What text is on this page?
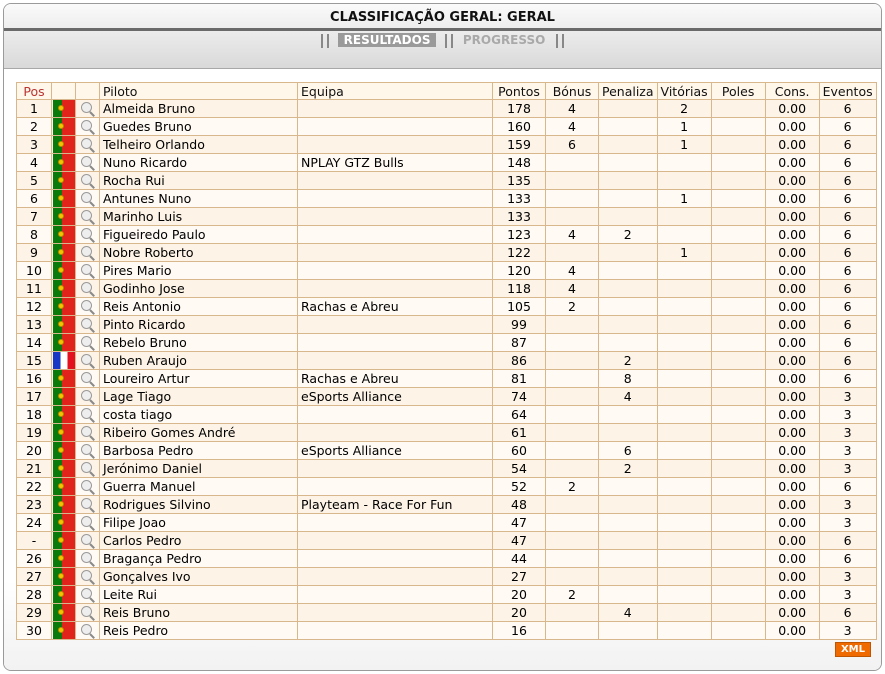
CLASSIFICAÇÃO GERAL: GERAL
RESULTADOS	PROGRESSO
Pos			Piloto	Equipa	Pontos	Bónus	Penaliza	Vitórias	Poles	Cons.	Eventos
1			Almeida Bruno		178	4		2		0.00	6
2			Guedes Bruno		160	4		1		0.00	6
3			Telheiro Orlando		159	6		1		0.00	6
4			Nuno Ricardo	NPLAY GTZ Bulls	148					0.00	6
5			Rocha Rui		135					0.00	6
6			Antunes Nuno		133			1		0.00	6
7			Marinho Luis		133					0.00	6
8			Figueiredo Paulo		123	4	2			0.00	6
9			Nobre Roberto		122			1		0.00	6
10			Pires Mario		120	4				0.00	6
11			Godinho Jose		118	4				0.00	6
12			Reis Antonio	Rachas e Abreu	105	2				0.00	6
13			Pinto Ricardo		99					0.00	6
14			Rebelo Bruno		87					0.00	6
15			Ruben Araujo		86		2			0.00	6
16			Loureiro Artur	Rachas e Abreu	81		8			0.00	6
17			Lage Tiago	eSports Alliance	74		4			0.00	3
18			costa tiago		64					0.00	3
19			Ribeiro Gomes André		61					0.00	3
20			Barbosa Pedro	eSports Alliance	60		6			0.00	3
21			Jerónimo Daniel		54		2			0.00	3
22			Guerra Manuel		52	2				0.00	6
23			Rodrigues Silvino	Playteam - Race For Fun	48					0.00	3
24			Filipe Joao		47					0.00	3
-			Carlos Pedro		47					0.00	6
26			Bragança Pedro		44					0.00	6
27			Gonçalves Ivo		27					0.00	3
28			Leite Rui		20	2				0.00	3
29			Reis Bruno		20		4			0.00	6
30			Reis Pedro		16					0.00	3
XML
